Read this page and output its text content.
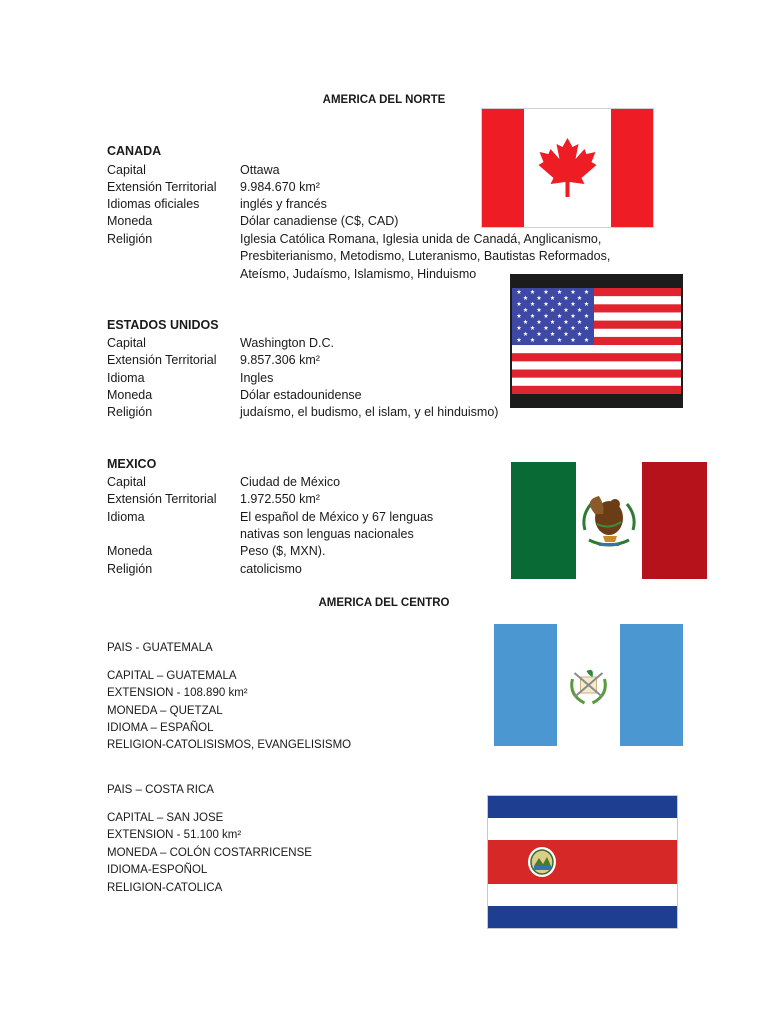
AMERICA DEL NORTE
CANADA
Capital	Ottawa
Extensión Territorial	9.984.670 km²
Idiomas oficiales	inglés y francés
Moneda	Dólar canadiense (C$, CAD)
Religión	Iglesia Católica Romana, Iglesia unida de Canadá, Anglicanismo,
Presbiterianismo, Metodismo, Luteranismo, Bautistas Reformados,
Ateísmo, Judaísmo, Islamismo, Hinduismo
ESTADOS UNIDOS
Capital	Washington D.C.
Extensión Territorial	9.857.306 km²
Idioma	Ingles
Moneda	Dólar estadounidense
Religión	judaísmo, el budismo, el islam, y el hinduismo)
MEXICO
Capital	Ciudad de México
Extensión Territorial	1.972.550 km²
Idioma	El español de México y 67 lenguas
nativas son lenguas nacionales
Moneda	Peso ($, MXN).
Religión	catolicismo
AMERICA DEL CENTRO
PAIS - GUATEMALA
CAPITAL – GUATEMALA
EXTENSION - 108.890 km²
MONEDA – QUETZAL
IDIOMA – ESPAÑOL
RELIGION-CATOLISISMOS, EVANGELISISMO
PAIS – COSTA RICA
CAPITAL – SAN JOSE
EXTENSION - 51.100 km²
MONEDA – COLÓN COSTARRICENSE
IDIOMA-ESPOÑOL
RELIGION-CATOLICA
